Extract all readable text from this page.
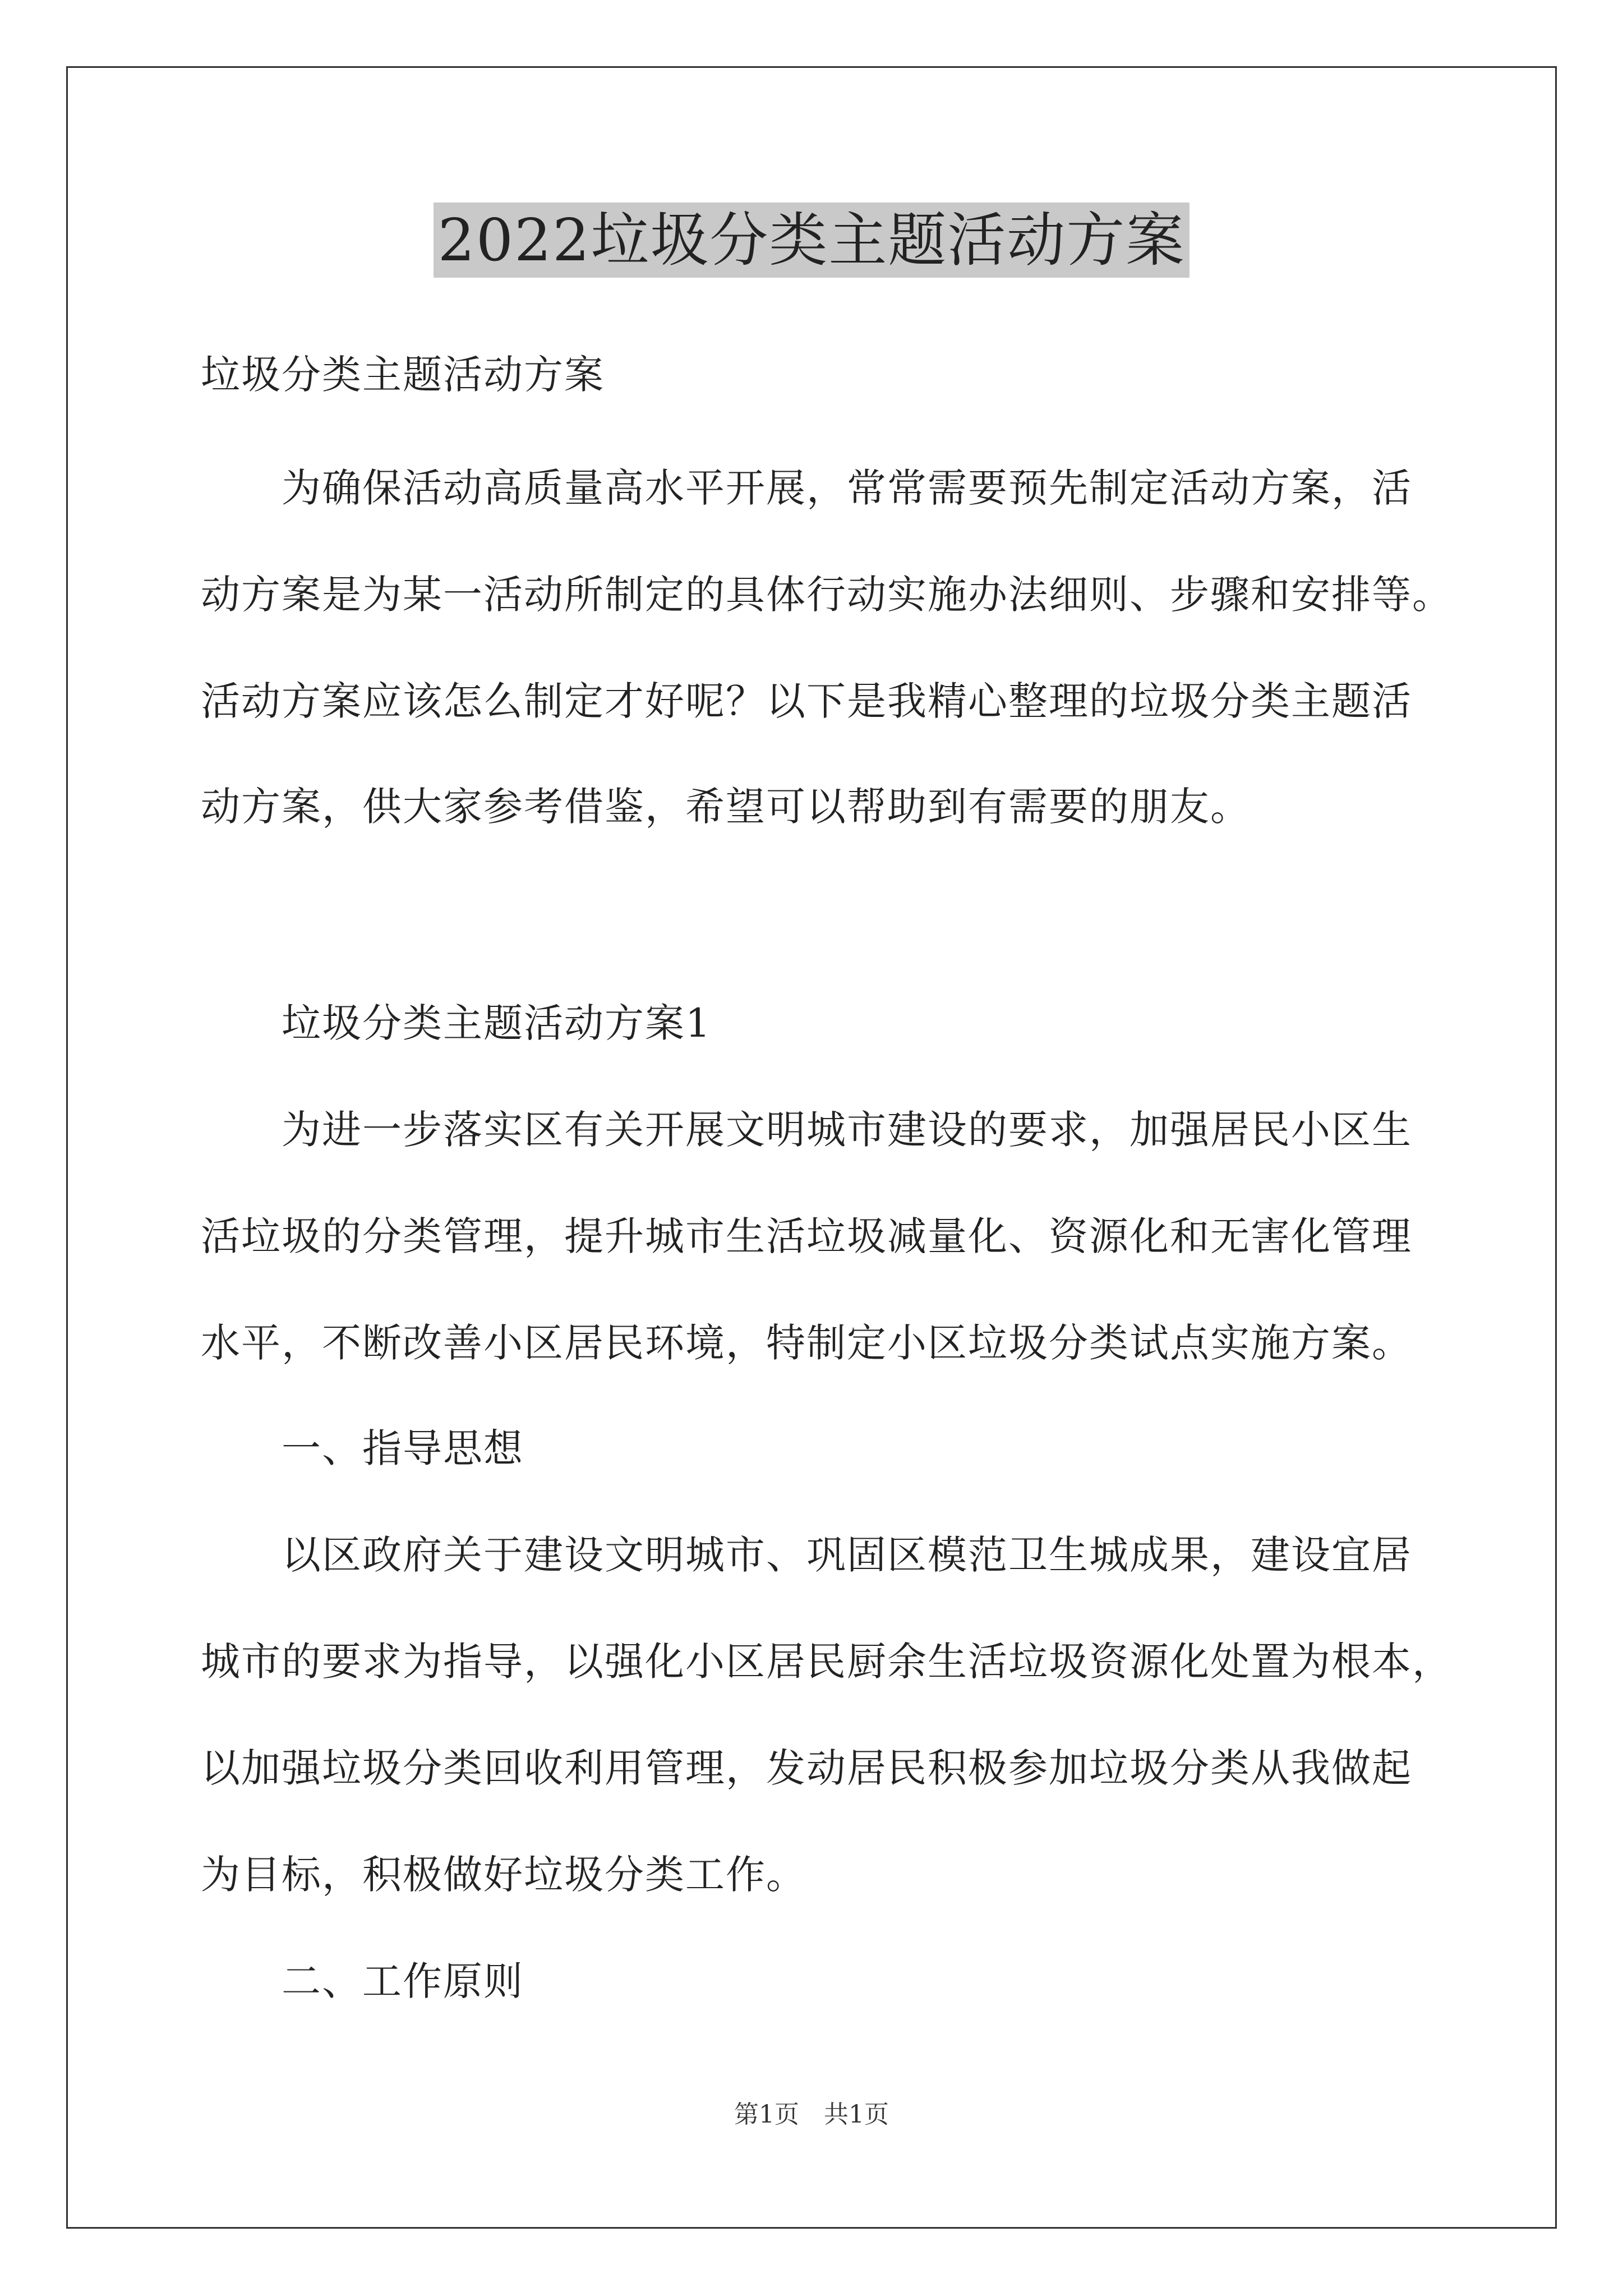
2022垃圾分类主题活动方案
垃圾分类主题活动方案
为确保活动高质量高水平开展，常常需要预先制定活动方案，活
动方案是为某一活动所制定的具体行动实施办法细则、步骤和安排等。
活动方案应该怎么制定才好呢？以下是我精心整理的垃圾分类主题活
动方案，供大家参考借鉴，希望可以帮助到有需要的朋友。
垃圾分类主题活动方案1
为进一步落实区有关开展文明城市建设的要求，加强居民小区生
活垃圾的分类管理，提升城市生活垃圾减量化、资源化和无害化管理
水平，不断改善小区居民环境，特制定小区垃圾分类试点实施方案。
一、指导思想
以区政府关于建设文明城市、巩固区模范卫生城成果，建设宜居
城市的要求为指导，以强化小区居民厨余生活垃圾资源化处置为根本，
以加强垃圾分类回收利用管理，发动居民积极参加垃圾分类从我做起
为目标，积极做好垃圾分类工作。
二、工作原则
第1页　共1页
